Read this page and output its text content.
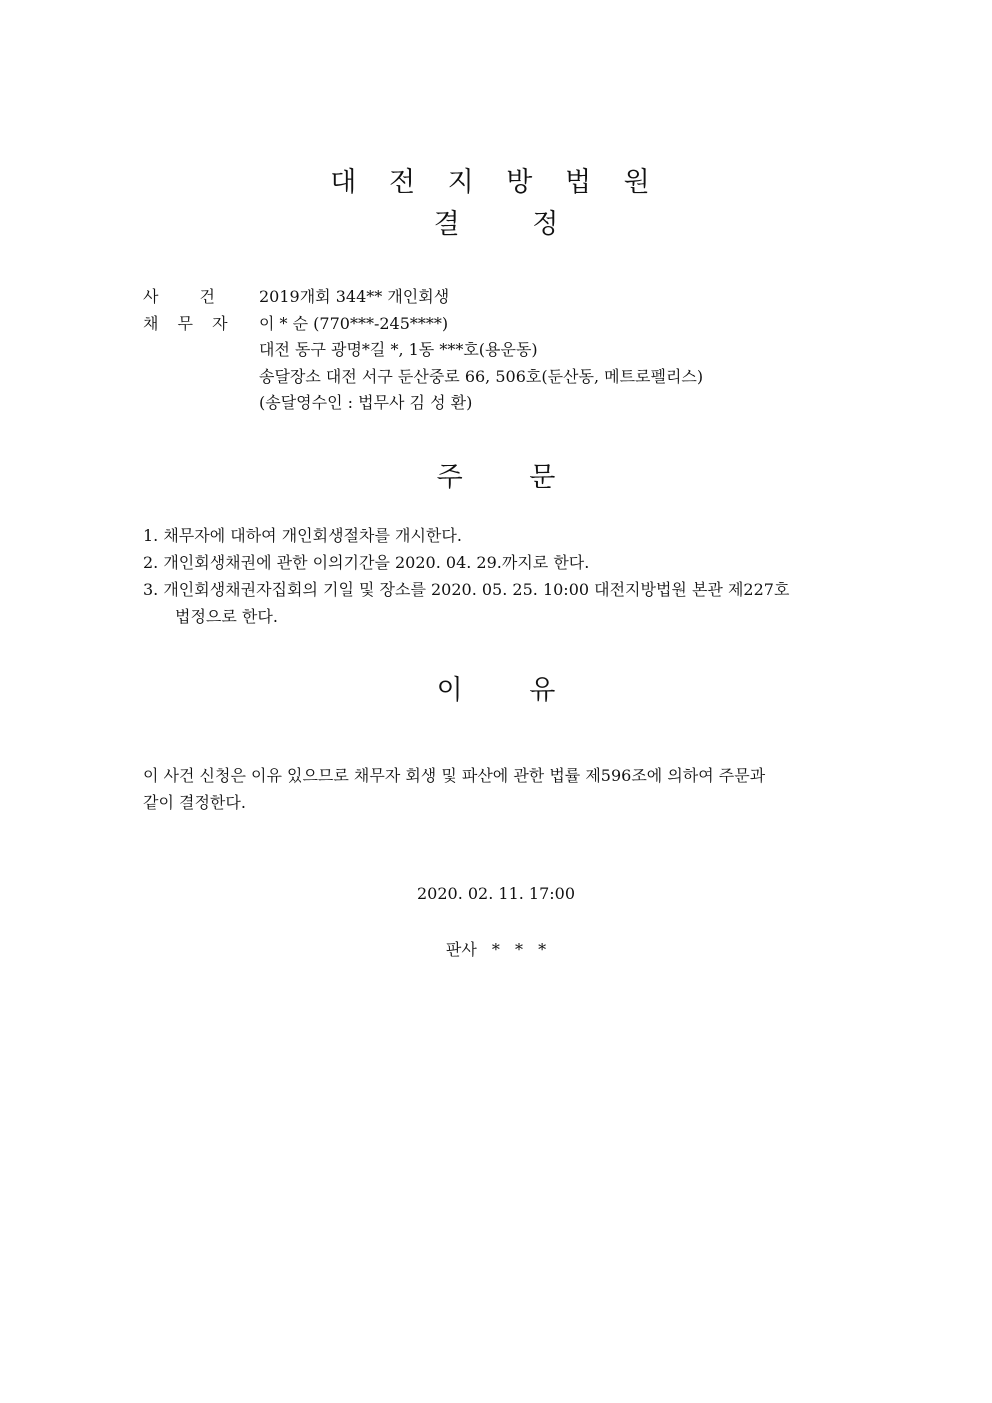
대 전 지 방 법 원
결 정
사 건	2019개회 344** 개인회생
채 무 자 이 * 순 (770***-245****)
대전 동구 광명*길 *, 1동 ***호(용운동)
송달장소 대전 서구 둔산중로 66, 506호(둔산동, 메트로펠리스)
(송달영수인 : 법무사 김 성 환)
주 문
1. 채무자에 대하여 개인회생절차를 개시한다.
2. 개인회생채권에 관한 이의기간을 2020. 04. 29.까지로 한다.
3. 개인회생채권자집회의 기일 및 장소를 2020. 05. 25. 10:00 대전지방법원 본관 제227호
법정으로 한다.
이 유
이 사건 신청은 이유 있으므로 채무자 회생 및 파산에 관한 법률 제596조에 의하여 주문과
같이 결정한다.
2020. 02. 11. 17:00
판사 * * *
